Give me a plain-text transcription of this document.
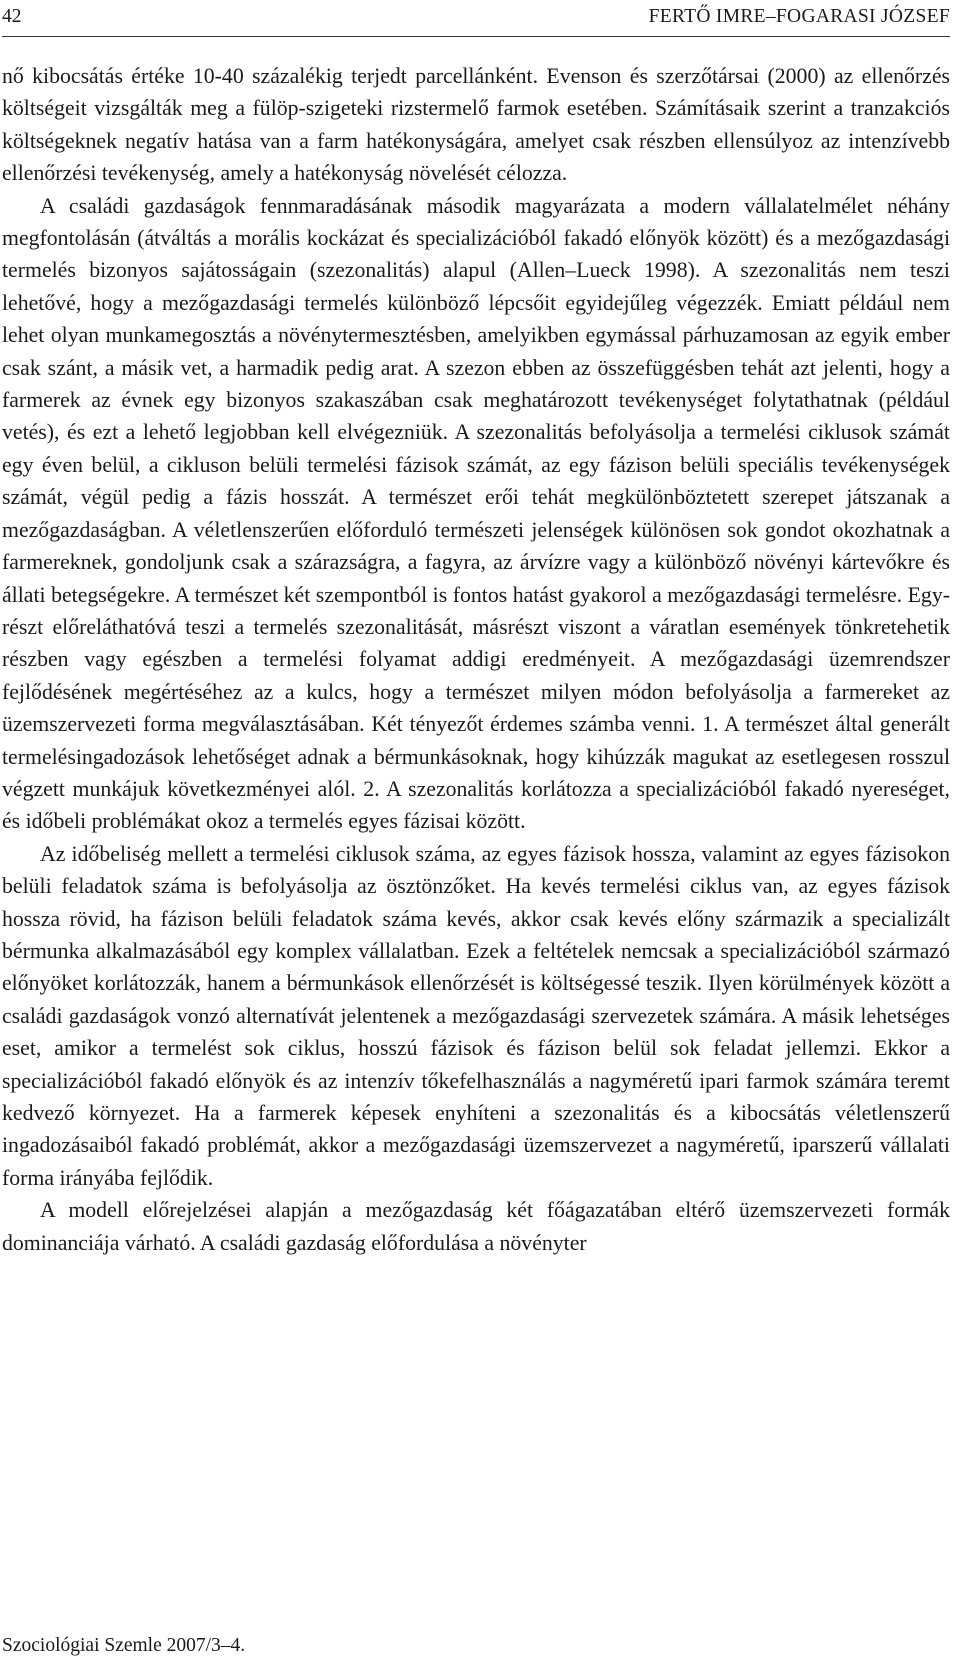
42	FERTŐ IMRE–FOGARASI JÓZSEF

nő kibocsátás értéke 10-40 százalékig terjedt parcellánként. Evenson és szerzőtársai (2000) az ellenőrzés költségeit vizsgálták meg a fülöp-szigeteki rizstermelő farmok esetében. Számításaik szerint a tranzakciós költségeknek negatív hatása van a farm hatékonyságára, amelyet csak részben ellensúlyoz az intenzívebb ellenőrzési tevékenység, amely a hatékonyság növelését célozza.

A családi gazdaságok fennmaradásának második magyarázata a modern vállalatelmélet néhány megfontolásán (átváltás a morális kockázat és specializációból fakadó előnyök között) és a mezőgazdasági termelés bizonyos sajátosságain (szezonalitás) alapul (Allen–Lueck 1998). A szezonalitás nem teszi lehetővé, hogy a mezőgazdasági termelés különböző lépcsőit egyidejűleg végezzék. Emiatt például nem lehet olyan munkamegosztás a növénytermesztésben, amelyikben egymással párhuzamosan az egyik ember csak szánt, a másik vet, a harmadik pedig arat. A szezon ebben az összefüggésben tehát azt jelenti, hogy a farmerek az évnek egy bizonyos szakaszában csak meghatározott tevékenységet folytathatnak (például vetés), és ezt a lehető legjobban kell elvégezniük. A szezonalitás befolyásolja a termelési ciklusok számát egy éven belül, a cikluson belüli termelési fázisok számát, az egy fázison belüli speciális tevékenységek számát, végül pedig a fázis hosszát. A természet erői tehát megkülönböztetett szerepet játszanak a mezőgazdaságban. A véletlenszerűen előforduló természeti jelenségek különösen sok gondot okozhatnak a farmereknek, gondoljunk csak a szárazságra, a fagyra, az árvízre vagy a különböző növényi kártevőkre és állati betegségekre. A természet két szempontból is fontos hatást gyakorol a mezőgazdasági termelésre. Egyrészt előreláthatóvá teszi a termelés szezonalitását, másrészt viszont a váratlan események tönkretehetik részben vagy egészben a termelési folyamat addigi eredményeit. A mezőgazdasági üzemrendszer fejlődésének megértéséhez az a kulcs, hogy a természet milyen módon befolyásolja a farmereket az üzemszervezeti forma megválasztásában. Két tényezőt érdemes számba venni. 1. A természet által generált termelésingadozások lehetőséget adnak a bérmunkásoknak, hogy kihúzzák magukat az esetlegesen rosszul végzett munkájuk következményei alól. 2. A szezonalitás korlátozza a specializációból fakadó nyereséget, és időbeli problémákat okoz a termelés egyes fázisai között.

Az időbeliség mellett a termelési ciklusok száma, az egyes fázisok hossza, valamint az egyes fázisokon belüli feladatok száma is befolyásolja az ösztönzőket. Ha kevés termelési ciklus van, az egyes fázisok hossza rövid, ha fázison belüli feladatok száma kevés, akkor csak kevés előny származik a specializált bérmunka alkalmazásából egy komplex vállalatban. Ezek a feltételek nemcsak a specializációból származó előnyöket korlátozzák, hanem a bérmunkások ellenőrzését is költségessé teszik. Ilyen körülmények között a családi gazdaságok vonzó alternatívát jelentenek a mezőgazdasági szervezetek számára. A másik lehetséges eset, amikor a termelést sok ciklus, hosszú fázisok és fázison belül sok feladat jellemzi. Ekkor a specializációból fakadó előnyök és az intenzív tőkefelhasználás a nagyméretű ipari farmok számára teremt kedvező környezet. Ha a farmerek képesek enyhíteni a szezonalitás és a kibocsátás véletlenszerű ingadozásaiból fakadó problémát, akkor a mezőgazdasági üzemszervezet a nagyméretű, iparszerű vállalati forma irányába fejlődik.

A modell előrejelzései alapján a mezőgazdaság két főágazatában eltérő üzemszervezeti formák dominanciája várható. A családi gazdaság előfordulása a növényter

Szociológiai Szemle 2007/3–4.
